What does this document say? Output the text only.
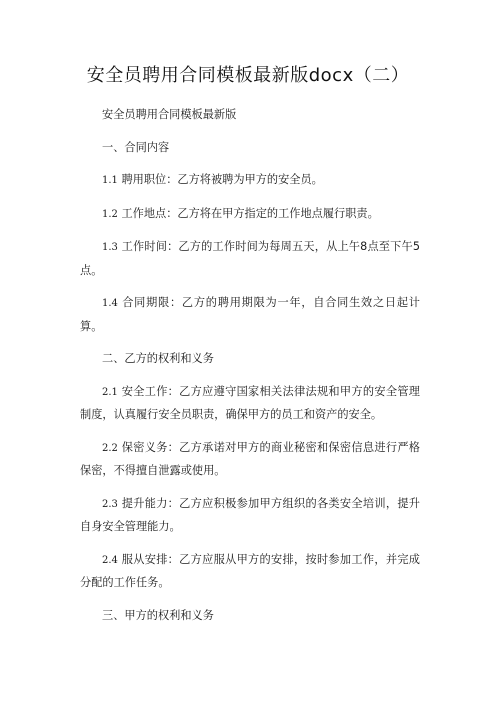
安全员聘用合同模板最新版docx（二）

安全员聘用合同模板最新版

一、合同内容

1.1 聘用职位：乙方将被聘为甲方的安全员。

1.2 工作地点：乙方将在甲方指定的工作地点履行职责。

1.3 工作时间：乙方的工作时间为每周五天，从上午8点至下午5点。

1.4 合同期限：乙方的聘用期限为一年，自合同生效之日起计算。

二、乙方的权利和义务

2.1 安全工作：乙方应遵守国家相关法律法规和甲方的安全管理制度，认真履行安全员职责，确保甲方的员工和资产的安全。

2.2 保密义务：乙方承诺对甲方的商业秘密和保密信息进行严格保密，不得擅自泄露或使用。

2.3 提升能力：乙方应积极参加甲方组织的各类安全培训，提升自身安全管理能力。

2.4 服从安排：乙方应服从甲方的安排，按时参加工作，并完成分配的工作任务。

三、甲方的权利和义务
